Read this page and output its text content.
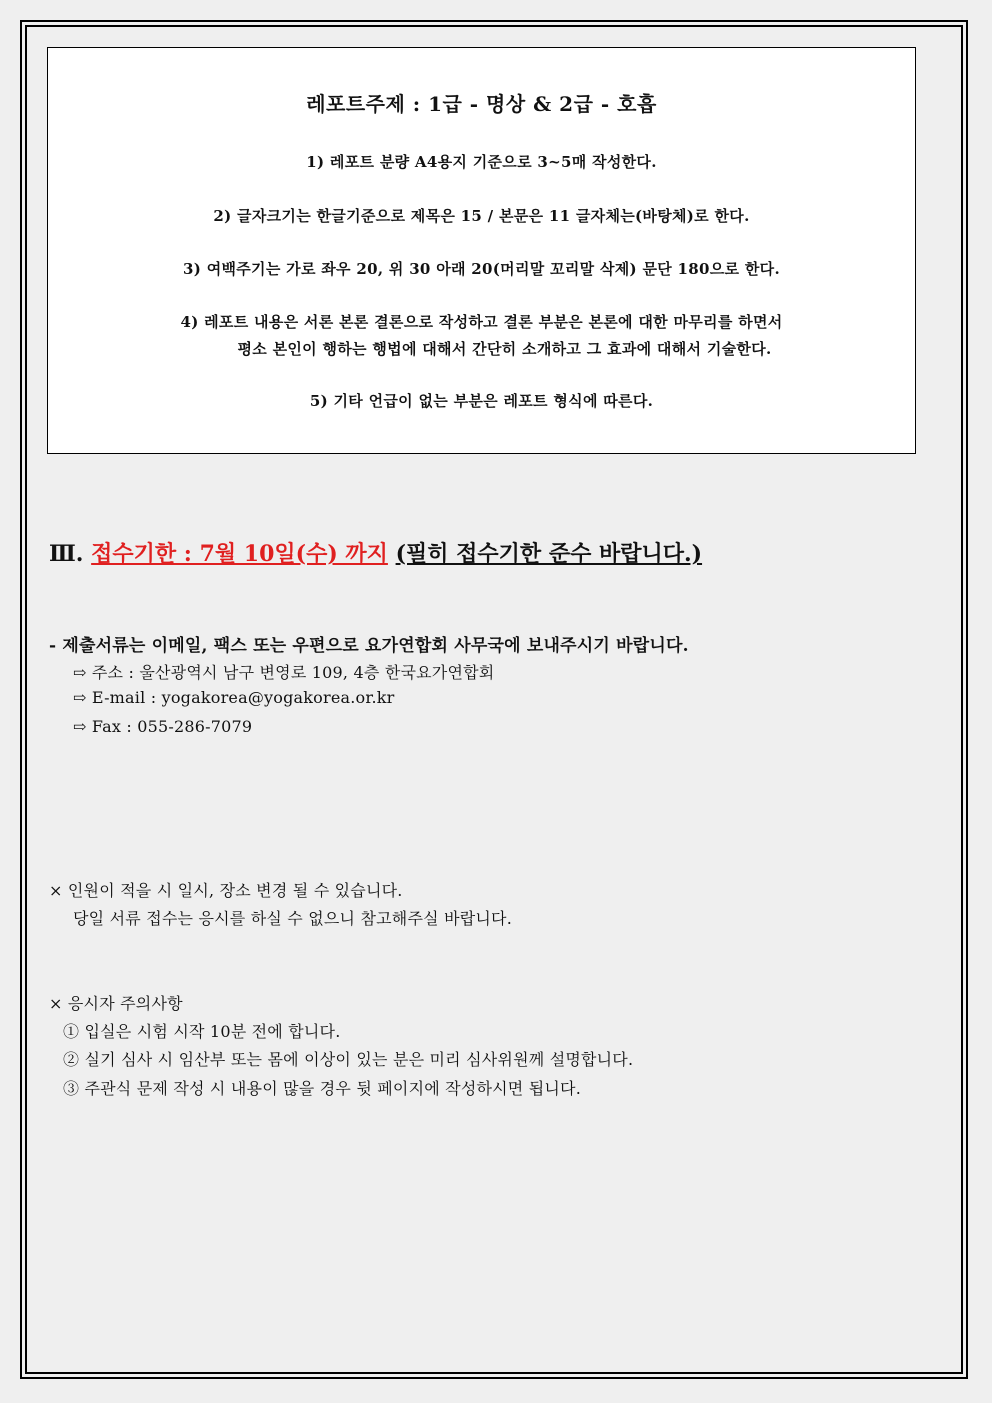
레포트주제 : 1급 - 명상 & 2급 - 호흡
1) 레포트 분량 A4용지 기준으로 3~5매 작성한다.
2) 글자크기는 한글기준으로 제목은 15 / 본문은 11 글자체는(바탕체)로 한다.
3) 여백주기는 가로 좌우 20, 위 30 아래 20(머리말 꼬리말 삭제) 문단 180으로 한다.
4) 레포트 내용은 서론 본론 결론으로 작성하고 결론 부분은 본론에 대한 마무리를 하면서
평소 본인이 행하는 행법에 대해서 간단히 소개하고 그 효과에 대해서 기술한다.
5) 기타 언급이 없는 부분은 레포트 형식에 따른다.
Ⅲ. 접수기한 : 7월 10일(수) 까지 (필히 접수기한 준수 바랍니다.)
- 제출서류는 이메일, 팩스 또는 우편으로 요가연합회 사무국에 보내주시기 바랍니다.
⇨ 주소 : 울산광역시 남구 변영로 109, 4층 한국요가연합회
⇨ E-mail : yogakorea@yogakorea.or.kr
⇨ Fax : 055-286-7079
× 인원이 적을 시 일시, 장소 변경 될 수 있습니다.
당일 서류 접수는 응시를 하실 수 없으니 참고해주실 바랍니다.
× 응시자 주의사항
① 입실은 시험 시작 10분 전에 합니다.
② 실기 심사 시 임산부 또는 몸에 이상이 있는 분은 미리 심사위원께 설명합니다.
③ 주관식 문제 작성 시 내용이 많을 경우 뒷 페이지에 작성하시면 됩니다.
